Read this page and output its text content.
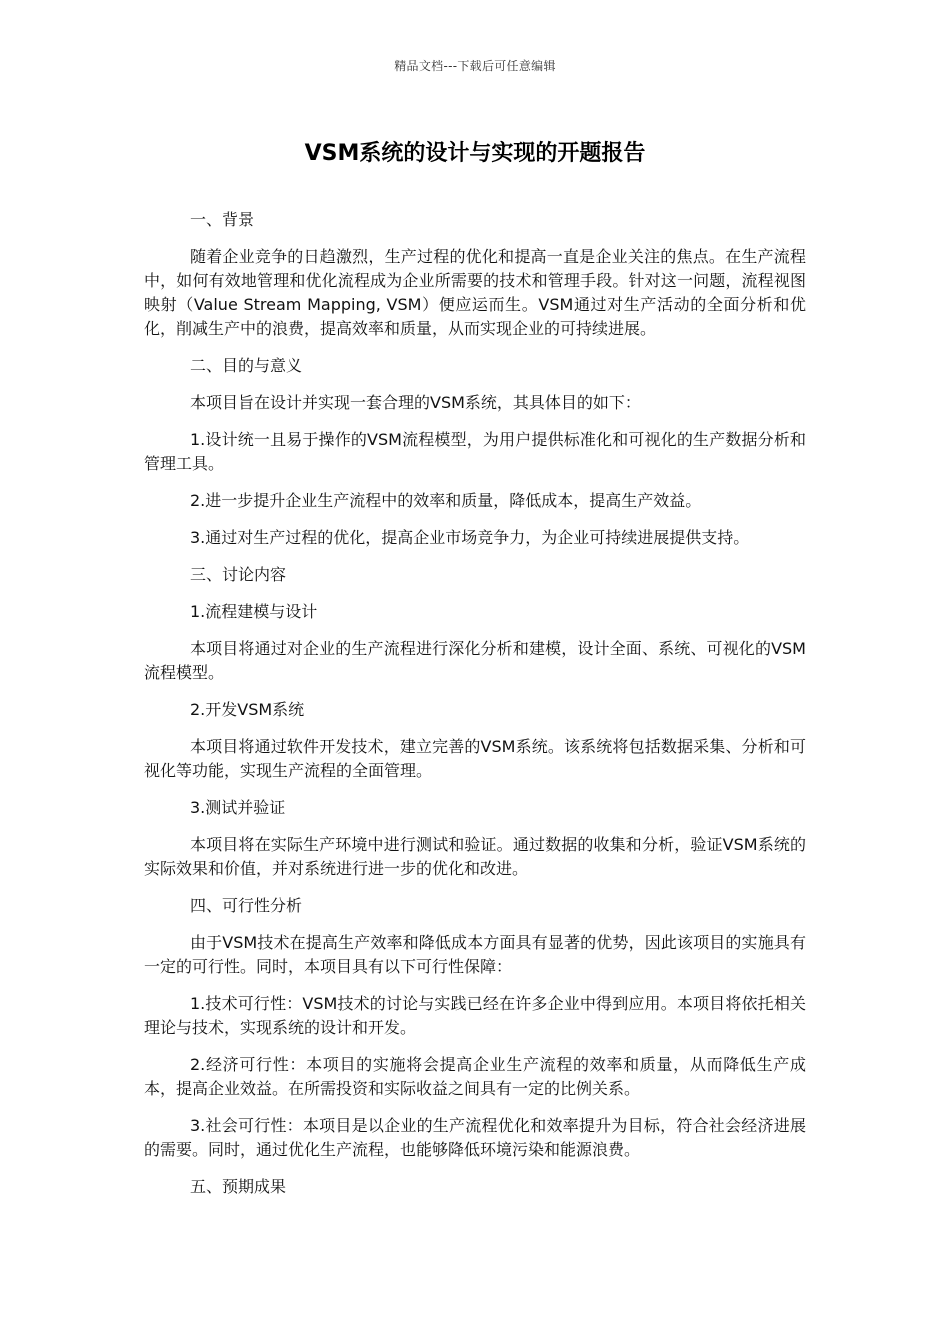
精品文档---下载后可任意编辑
VSM系统的设计与实现的开题报告

一、背景

随着企业竞争的日趋激烈，生产过程的优化和提高一直是企业关注的焦点。在生产流程中，如何有效地管理和优化流程成为企业所需要的技术和管理手段。针对这一问题，流程视图映射（Value Stream Mapping, VSM）便应运而生。VSM通过对生产活动的全面分析和优化，削减生产中的浪费，提高效率和质量，从而实现企业的可持续进展。

二、目的与意义

本项目旨在设计并实现一套合理的VSM系统，其具体目的如下：

1.设计统一且易于操作的VSM流程模型，为用户提供标准化和可视化的生产数据分析和管理工具。

2.进一步提升企业生产流程中的效率和质量，降低成本，提高生产效益。

3.通过对生产过程的优化，提高企业市场竞争力，为企业可持续进展提供支持。

三、讨论内容

1.流程建模与设计

本项目将通过对企业的生产流程进行深化分析和建模，设计全面、系统、可视化的VSM流程模型。

2.开发VSM系统

本项目将通过软件开发技术，建立完善的VSM系统。该系统将包括数据采集、分析和可视化等功能，实现生产流程的全面管理。

3.测试并验证

本项目将在实际生产环境中进行测试和验证。通过数据的收集和分析，验证VSM系统的实际效果和价值，并对系统进行进一步的优化和改进。

四、可行性分析

由于VSM技术在提高生产效率和降低成本方面具有显著的优势，因此该项目的实施具有一定的可行性。同时，本项目具有以下可行性保障：

1.技术可行性：VSM技术的讨论与实践已经在许多企业中得到应用。本项目将依托相关理论与技术，实现系统的设计和开发。

2.经济可行性：本项目的实施将会提高企业生产流程的效率和质量，从而降低生产成本，提高企业效益。在所需投资和实际收益之间具有一定的比例关系。

3.社会可行性：本项目是以企业的生产流程优化和效率提升为目标，符合社会经济进展的需要。同时，通过优化生产流程，也能够降低环境污染和能源浪费。

五、预期成果
